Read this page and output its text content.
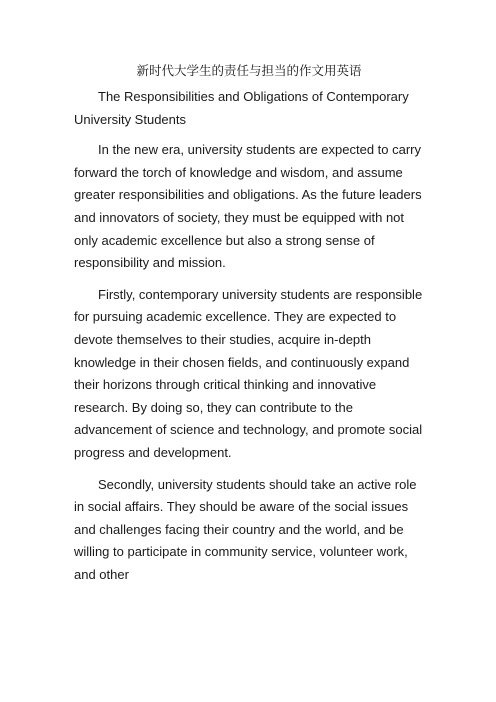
新时代大学生的责任与担当的作文用英语
The Responsibilities and Obligations of Contemporary University Students

In the new era, university students are expected to carry forward the torch of knowledge and wisdom, and assume greater responsibilities and obligations. As the future leaders and innovators of society, they must be equipped with not only academic excellence but also a strong sense of responsibility and mission.

Firstly, contemporary university students are responsible for pursuing academic excellence. They are expected to devote themselves to their studies, acquire in-depth knowledge in their chosen fields, and continuously expand their horizons through critical thinking and innovative research. By doing so, they can contribute to the advancement of science and technology, and promote social progress and development.

Secondly, university students should take an active role in social affairs. They should be aware of the social issues and challenges facing their country and the world, and be willing to participate in community service, volunteer work, and other
